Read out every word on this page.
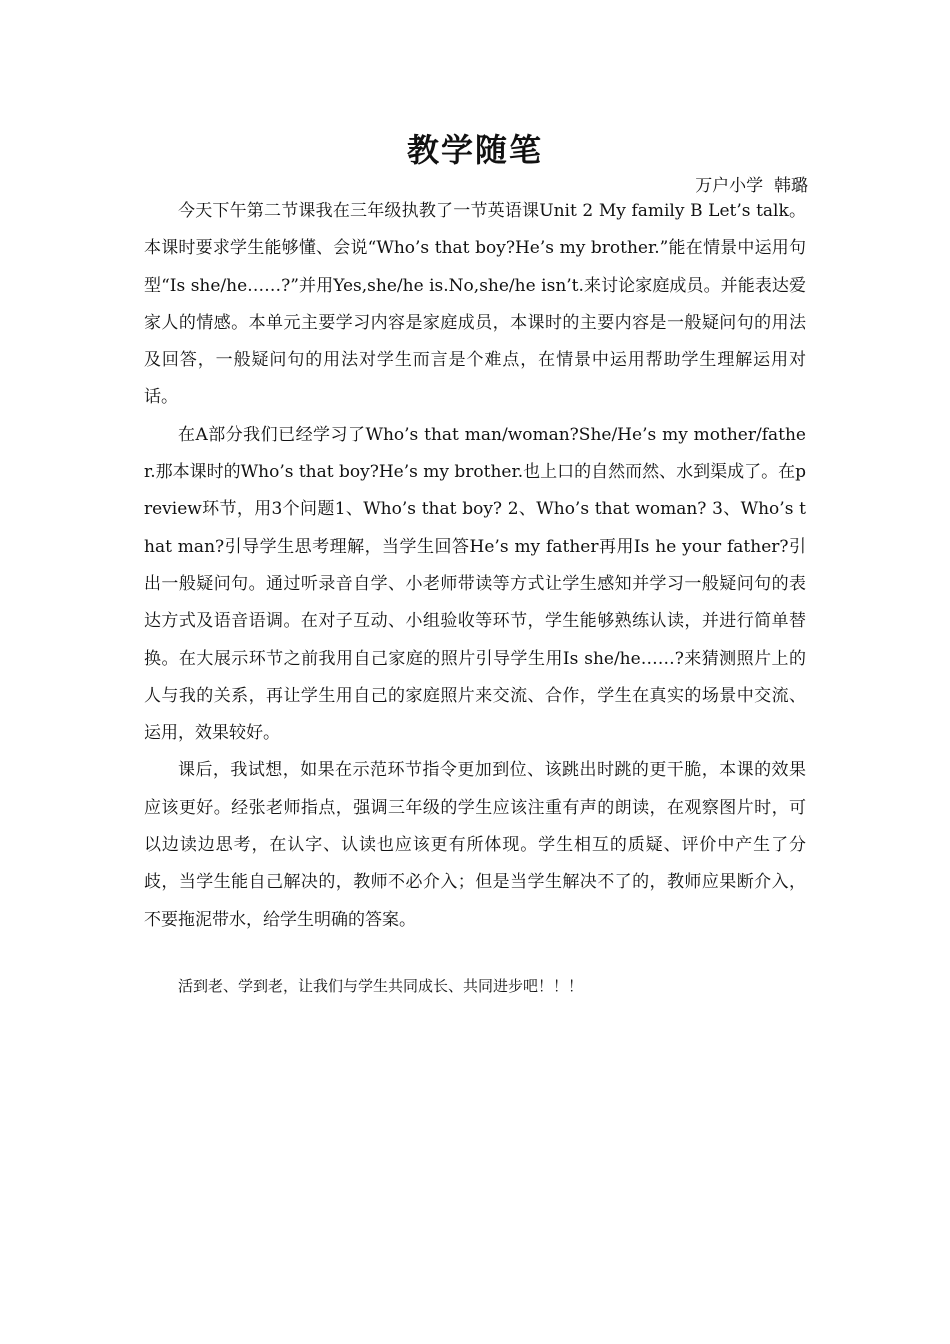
教学随笔
万户小学  韩璐

今天下午第二节课我在三年级执教了一节英语课Unit 2 My family B Let’s talk。本课时要求学生能够懂、会说“Who’s that boy?He’s my brother.”能在情景中运用句型“Is she/he……?”并用Yes,she/he is.No,she/he isn’t.来讨论家庭成员。并能表达爱家人的情感。本单元主要学习内容是家庭成员，本课时的主要内容是一般疑问句的用法及回答，一般疑问句的用法对学生而言是个难点，在情景中运用帮助学生理解运用对话。

在A部分我们已经学习了Who’s that man/woman?She/He’s my mother/father.那本课时的Who’s that boy?He’s my brother.也上口的自然而然、水到渠成了。在preview环节，用3个问题1、Who’s that boy? 2、Who’s that woman? 3、Who’s that man?引导学生思考理解，当学生回答He’s my father再用Is he your father?引出一般疑问句。通过听录音自学、小老师带读等方式让学生感知并学习一般疑问句的表达方式及语音语调。在对子互动、小组验收等环节，学生能够熟练认读，并进行简单替换。在大展示环节之前我用自己家庭的照片引导学生用Is she/he……?来猜测照片上的人与我的关系，再让学生用自己的家庭照片来交流、合作，学生在真实的场景中交流、运用，效果较好。

课后，我试想，如果在示范环节指令更加到位、该跳出时跳的更干脆，本课的效果应该更好。经张老师指点，强调三年级的学生应该注重有声的朗读，在观察图片时，可以边读边思考，在认字、认读也应该更有所体现。学生相互的质疑、评价中产生了分歧，当学生能自己解决的，教师不必介入；但是当学生解决不了的，教师应果断介入，不要拖泥带水，给学生明确的答案。

活到老、学到老，让我们与学生共同成长、共同进步吧！！！
